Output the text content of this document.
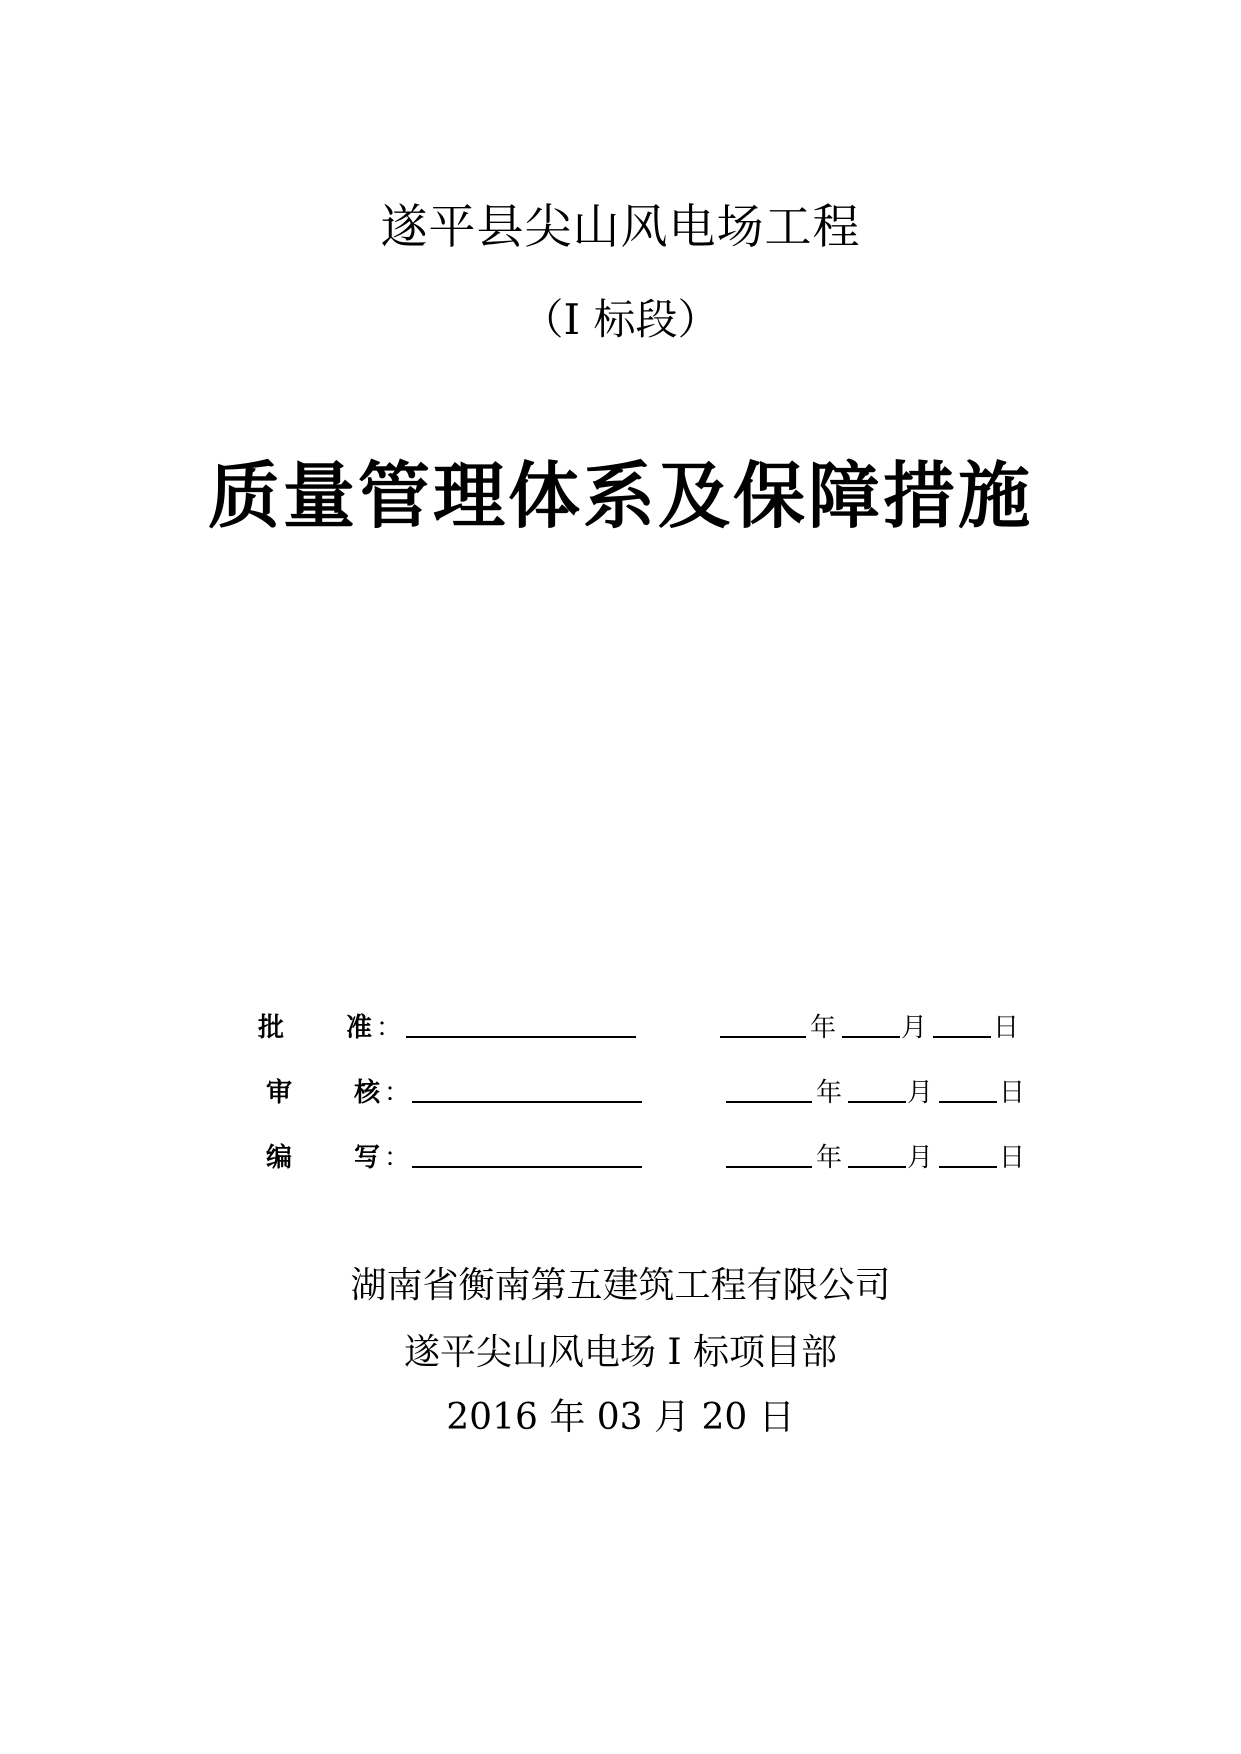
遂平县尖山风电场工程
（I 标段）
质量管理体系及保障措施
批 准 ：	年 月	日
审 核 ：	年 月	日
编 写 ：	年 月	日
湖南省衡南第五建筑工程有限公司
遂平尖山风电场 I 标项目部
2016 年 03 月 20 日
